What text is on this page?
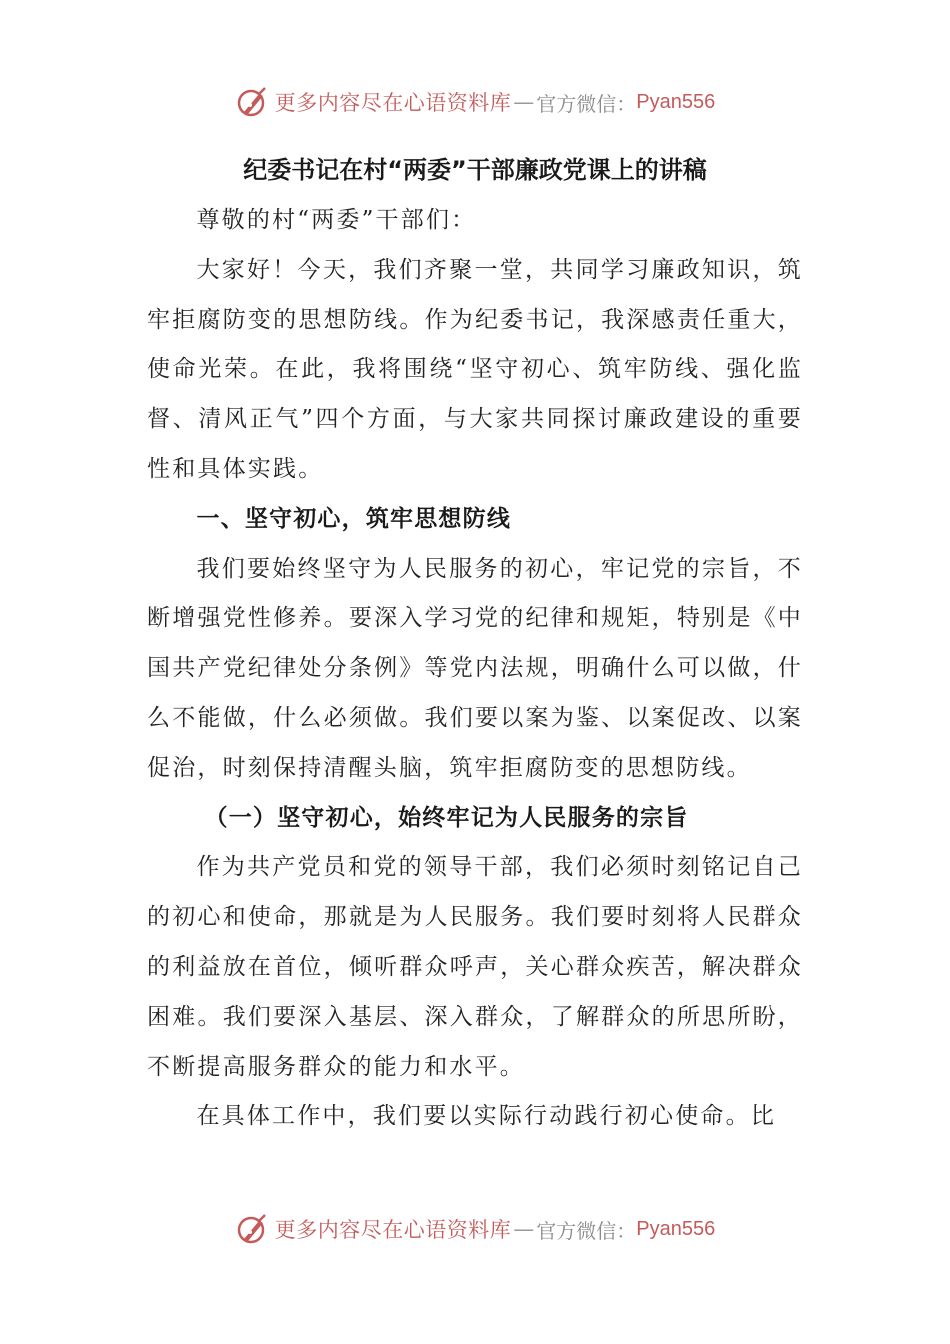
更多内容尽在心语资料库 — 官方微信： Pyan556
纪委书记在村“两委”干部廉政党课上的讲稿

尊敬的村“两委”干部们：

大家好！今天，我们齐聚一堂，共同学习廉政知识，筑牢拒腐防变的思想防线。作为纪委书记，我深感责任重大，使命光荣。在此，我将围绕“坚守初心、筑牢防线、强化监督、清风正气”四个方面，与大家共同探讨廉政建设的重要性和具体实践。

一、坚守初心，筑牢思想防线

我们要始终坚守为人民服务的初心，牢记党的宗旨，不断增强党性修养。要深入学习党的纪律和规矩，特别是《中国共产党纪律处分条例》等党内法规，明确什么可以做，什么不能做，什么必须做。我们要以案为鉴、以案促改、以案促治，时刻保持清醒头脑，筑牢拒腐防变的思想防线。

（一）坚守初心，始终牢记为人民服务的宗旨

作为共产党员和党的领导干部，我们必须时刻铭记自己的初心和使命，那就是为人民服务。我们要时刻将人民群众的利益放在首位，倾听群众呼声，关心群众疾苦，解决群众困难。我们要深入基层、深入群众，了解群众的所思所盼，不断提高服务群众的能力和水平。

在具体工作中，我们要以实际行动践行初心使命。比

更多内容尽在心语资料库 — 官方微信： Pyan556
